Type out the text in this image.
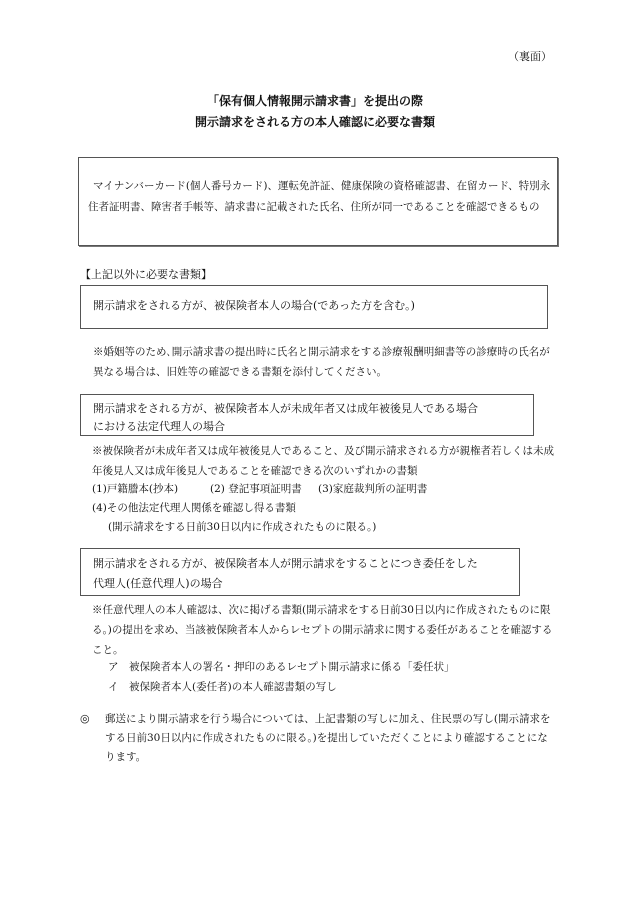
（裏面）
「保有個人情報開示請求書」を提出の際
開示請求をされる方の本人確認に必要な書類

マイナンバーカード(個人番号カード)、運転免許証、健康保険の資格確認書、在留カード、特別永住者証明書、障害者手帳等、請求書に記載された氏名、住所が同一であることを確認できるもの

【上記以外に必要な書類】
開示請求をされる方が、被保険者本人の場合(であった方を含む。)
※婚姻等のため､開示請求書の提出時に氏名と開示請求をする診療報酬明細書等の診療時の氏名が異なる場合は、旧姓等の確認できる書類を添付してください。
開示請求をされる方が、被保険者本人が未成年者又は成年被後見人である場合
における法定代理人の場合
※被保険者が未成年者又は成年被後見人であること、及び開示請求される方が親権者若しくは未成年後見人又は成年後見人であることを確認できる次のいずれかの書類
(1)戸籍謄本(抄本)	(2) 登記事項証明書 (3)家庭裁判所の証明書
(4)その他法定代理人関係を確認し得る書類
(開示請求をする日前30日以内に作成されたものに限る。)
開示請求をされる方が、被保険者本人が開示請求をすることにつき委任をした
代理人(任意代理人)の場合
※任意代理人の本人確認は、次に掲げる書類(開示請求をする日前30日以内に作成されたものに限る。)の提出を求め、当該被保険者本人からレセプトの開示請求に関する委任があることを確認すること。
ア　被保険者本人の署名・押印のあるレセプト開示請求に係る「委任状」
イ　被保険者本人(委任者)の本人確認書類の写し
◎ 郵送により開示請求を行う場合については、上記書類の写しに加え、住民票の写し(開示請求をする日前30日以内に作成されたものに限る。)を提出していただくことにより確認することになります。
